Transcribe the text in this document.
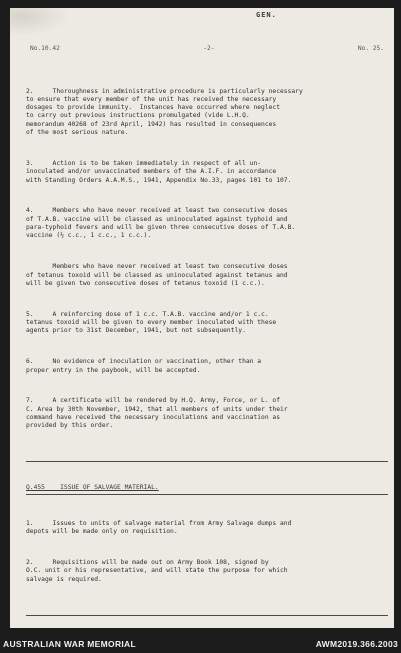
GEN.
No.10.42	-2-	No. 25.

2.     Thoroughness in administrative procedure is particularly necessary
to ensure that every member of the unit has received the necessary
dosages to provide immunity.  Instances have occurred where neglect
to carry out previous instructions promulgated (vide L.H.Q.
memorandum 40268 of 23rd April, 1942) has resulted in consequences
of the most serious nature.

3.     Action is to be taken immediately in respect of all un-
inoculated and/or unvaccinated members of the A.I.F. in accordance
with Standing Orders A.A.M.S., 1941, Appendix No.33, pages 101 to 107.

4.     Members who have never received at least two consecutive doses
of T.A.B. vaccine will be classed as uninoculated against typhoid and
para-typhoid fevers and will be given three consecutive doses of T.A.B.
vaccine (½ c.c., 1 c.c., 1 c.c.).

Members who have never received at least two consecutive doses
of tetanus toxoid will be classed as uninoculated against tetanus and
will be given two consecutive doses of tetanus toxoid (1 c.c.).

5.     A reinforcing dose of 1 c.c. T.A.B. vaccine and/or 1 c.c.
tetanus toxoid will be given to every member inoculated with these
agents prior to 31st December, 1941, but not subsequently.

6.     No evidence of inoculation or vaccination, other than a
proper entry in the paybook, will be accepted.

7.     A certificate will be rendered by H.Q. Army, Force, or L. of
C. Area by 30th November, 1942, that all members of units under their
command have received the necessary inoculations and vaccination as
provided by this order.

Q.455    ISSUE OF SALVAGE MATERIAL.

1.     Issues to units of salvage material from Army Salvage dumps and
depots will be made only on requisition.

2.     Requisitions will be made out on Army Book 108, signed by
O.C. unit or his representative, and will state the purpose for which
salvage is required.

AUSTRALIAN WAR MEMORIAL	AWM2019.366.2003
